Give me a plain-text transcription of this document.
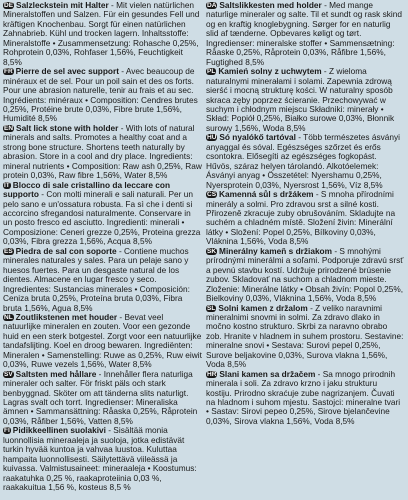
DE Salzleckstein mit Halter - Mit vielen natürlichen Mineralstoffen und Salzen. Für ein gesundes Fell und kräftigen Knochenbau. Sorgt für einen natürlichen Zahnabrieb. Kühl und trocken lagern. Inhaltsstoffe: Mineralstoffe • Zusammensetzung: Rohasche 0,25%, Rohprotein 0,03%, Rohfaser 1,56%, Feuchtigkeit 8,5%

FR Pierre de sel avec support - Avec beaucoup de minéraux et de sel. Pour un poil sain et des os forts. Pour une abrasion naturelle, tenir au frais et au sec. Ingrédients: minéraux • Composition: Cendres brutes 0,25%, Protéine brute 0,03%, Fibre brute 1,56%, Humidité 8,5%

EN Salt lick stone with holder - With lots of natural minerals and salts. Promotes a healthy coat and a strong bone structure. Shortens teeth naturally by abrasion. Store in a cool and dry place. Ingredients: mineral nutrients • Composition: Raw ash 0,25%, Raw protein 0,03%, Raw fibre 1,56%, Water 8,5%

IT Blocco di sale cristallino da leccare con supporto - Con molti minerali e sali naturali. Per un pelo sano e un'ossatura robusta. Fa sì che i denti si accorcino sfregandosi naturalmente. Conservare in un posto fresco ed asciutto. Ingredienti: minerali • Composizione: Ceneri grezze 0,25%, Proteina grezza 0,03%, Fibra grezza 1,56%, Acqua 8,5%

ES Piedra de sal con soporte - Contiene muchos minerales naturales y sales. Para un pelaje sano y huesos fuertes. Para un desgaste natural de los dientes. Almacene en lugar fresco y seco. Ingredientes: Sustancias minerales • Composición: Ceniza bruta 0,25%, Proteína bruta 0,03%, Fibra bruta 1,56%, Agua 8,5%

NL Zoutlikstenen met houder - Bevat veel natuurlijke mineralen en zouten. Voor een gezonde huid en een sterk botgestel. Zorgt voor een natuurlijke tandafslijting. Koel en droog bewaren. Ingrediënten: Mineralen • Samenstelling: Ruwe as 0,25%, Ruw eiwit 0,03%, Ruwe vezels 1,56%, Water 8,5%

SV Saltsten med hållare - Innehåller flera naturliga mineraler och salter. För friskt päls och stark benbyggnad. Sköter om att tänderna slits naturligt. Lagras svalt och torrt. Ingredienser: Mineraliska ämnen • Sammansättning: Råaska 0,25%, Råprotein 0,03%, Råfiber 1,56%, Vatten 8,5%

FI Pidikkeellinen suolakivi - Sisältää monia luonnollisia mineraaleja ja suoloja, jotka edistävät turkin hyvää kuntoa ja vahvaa luustoa. Kuluttaa hampaita luonnollisesti. Säilytettävä viileässä ja kuivassa. Valmistusaineet: mineraaleja • Koostumus: raakatuhka 0,25 %, raakaproteiinia 0,03 %, raakakuitua 1,56 %, kosteus 8,5 %

DA Saltslikkesten med holder - Med mange naturlige mineraler og salte. Til et sundt og rask skind og en kraftig knoglebygning. Sørger for en naturlig slid af tænderne. Opbevares køligt og tørt. Ingredienser: mineralske stoffer • Sammensætning: Råaske 0,25%, Råprotein 0,03%, Råfibre 1,56%, Fugtighed 8,5%

PL Kamień solny z uchwytem - Z wieloma naturalnymi minerałami i solami. Zapewnia zdrową sierść i mocną strukturę kości. W naturalny sposób skraca zęby poprzez ścieranie. Przechowywać w suchym i chłodnym miejscu Składniki: minerały • Skład: Popiół 0,25%, Białko surowe 0,03%, Błonnik surowy 1,56%, Woda 8,5%

HU Só nyalókő tartóval - Több természetes ásványi anyaggal és sóval. Egészséges szőrzet és erős csontokra. Elősegíti az egészséges fogkopást. Hűvös, száraz helyen tárolandó. Alkotóelemek: Ásványi anyag • Összetétel: Nyershamu 0,25%, Nyersprotein 0,03%, Nyersrost 1,56%, Víz 8,5%

CS Kamenná sůl s držákem - S mnoha přírodními minerály a solmi. Pro zdravou srst a silné kosti. Přirozeně zkracuje zuby obrušováním. Skladujte na suchém a chladném místě. Složení živin: Minerální látky • Složení: Popel 0,25%, Bílkoviny 0,03%, Vláknina 1,56%, Voda 8,5%

SK Minerálny kameň s držiakom - S mnohými prírodnými minerálmi a soľami. Podporuje zdravú srsť a pevnú stavbu kostí. Udržuje prirodzené brúsenie zubov. Skladovať na suchom a chladnom mieste. Zloženie: Minerálne látky • Obsah živín: Popol 0,25%, Bielkoviny 0,03%, Vláknina 1,56%, Voda 8,5%

SL Solni kamen z držalom - Z veliko naravnimi mineralnimi snovmi in solmi. Za zdravo dlako in močno kostno strukturo. Skrbi za naravno obrabo zob. Hranite v hladnem in suhem prostoru. Sestavine: mineralne snovi • Sestava: Surovi pepel 0,25%, Surove beljakovine 0,03%, Surova vlakna 1,56%, Voda 8,5%

HR Slani kamen sa držačem - Sa mnogo prirodnih minerala i soli. Za zdravo krzno i jaku strukturu kostiju. Prirodno skraćuje zube nagrizanjem. Čuvati na hladnom i suhom mjestu. Sastojci: mineralne tvari • Sastav: Sirovi pepeo 0,25%, Sirove bjelančevine 0,03%, Sirova vlakna 1,56%, Voda 8,5%
